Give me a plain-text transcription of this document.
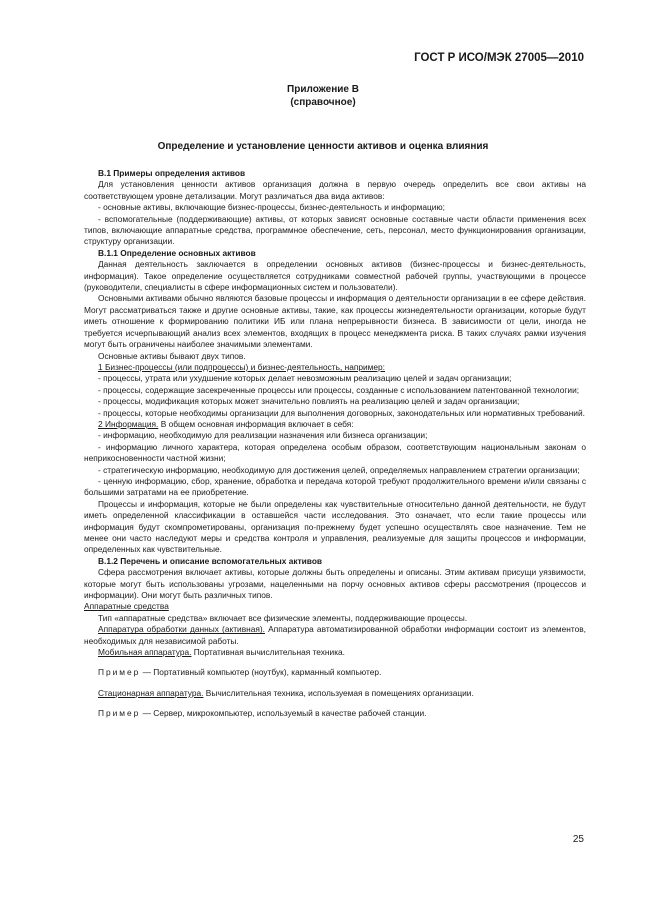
ГОСТ Р ИСО/МЭК 27005—2010
Приложение В
(справочное)
Определение и установление ценности активов и оценка влияния

В.1 Примеры определения активов

Для установления ценности активов организация должна в первую очередь определить все свои активы на соответствующем уровне детализации. Могут различаться два вида активов:

- основные активы, включающие бизнес-процессы, бизнес-деятельность и информацию;

- вспомогательные (поддерживающие) активы, от которых зависят основные составные части области применения всех типов, включающие аппаратные средства, программное обеспечение, сеть, персонал, место функционирования организации, структуру организации.

В.1.1 Определение основных активов

Данная деятельность заключается в определении основных активов (бизнес-процессы и бизнес-деятельность, информация). Такое определение осуществляется сотрудниками совместной рабочей группы, участвующими в процессе (руководители, специалисты в сфере информационных систем и пользователи).

Основными активами обычно являются базовые процессы и информация о деятельности организации в ее сфере действия. Могут рассматриваться также и другие основные активы, такие, как процессы жизнедеятельности организации, которые будут иметь отношение к формированию политики ИБ или плана непрерывности бизнеса. В зависимости от цели, иногда не требуется исчерпывающий анализ всех элементов, входящих в процесс менеджмента риска. В таких случаях рамки изучения могут быть ограничены наиболее значимыми элементами.

Основные активы бывают двух типов.

1 Бизнес-процессы (или подпроцессы) и бизнес-деятельность, например:

- процессы, утрата или ухудшение которых делает невозможным реализацию целей и задач организации;

- процессы, содержащие засекреченные процессы или процессы, созданные с использованием патентованной технологии;

- процессы, модификация которых может значительно повлиять на реализацию целей и задач организации;

- процессы, которые необходимы организации для выполнения договорных, законодательных или нормативных требований.

2 Информация. В общем основная информация включает в себя:

- информацию, необходимую для реализации назначения или бизнеса организации;

- информацию личного характера, которая определена особым образом, соответствующим национальным законам о неприкосновенности частной жизни;

- стратегическую информацию, необходимую для достижения целей, определяемых направлением стратегии организации;

- ценную информацию, сбор, хранение, обработка и передача которой требуют продолжительного времени и/или связаны с большими затратами на ее приобретение.

Процессы и информация, которые не были определены как чувствительные относительно данной деятельности, не будут иметь определенной классификации в оставшейся части исследования. Это означает, что если такие процессы или информация будут скомпрометированы, организация по-прежнему будет успешно осуществлять свое назначение. Тем не менее они часто наследуют меры и средства контроля и управления, реализуемые для защиты процессов и информации, определенных как чувствительные.

В.1.2 Перечень и описание вспомогательных активов

Сфера рассмотрения включает активы, которые должны быть определены и описаны. Этим активам присущи уязвимости, которые могут быть использованы угрозами, нацеленными на порчу основных активов сферы рассмотрения (процессов и информации). Они могут быть различных типов.

Аппаратные средства

Тип «аппаратные средства» включает все физические элементы, поддерживающие процессы.

Аппаратура обработки данных (активная). Аппаратура автоматизированной обработки информации состоит из элементов, необходимых для независимой работы.

Мобильная аппаратура. Портативная вычислительная техника.

Пример — Портативный компьютер (ноутбук), карманный компьютер.

Стационарная аппаратура. Вычислительная техника, используемая в помещениях организации.

Пример — Сервер, микрокомпьютер, используемый в качестве рабочей станции.

25
